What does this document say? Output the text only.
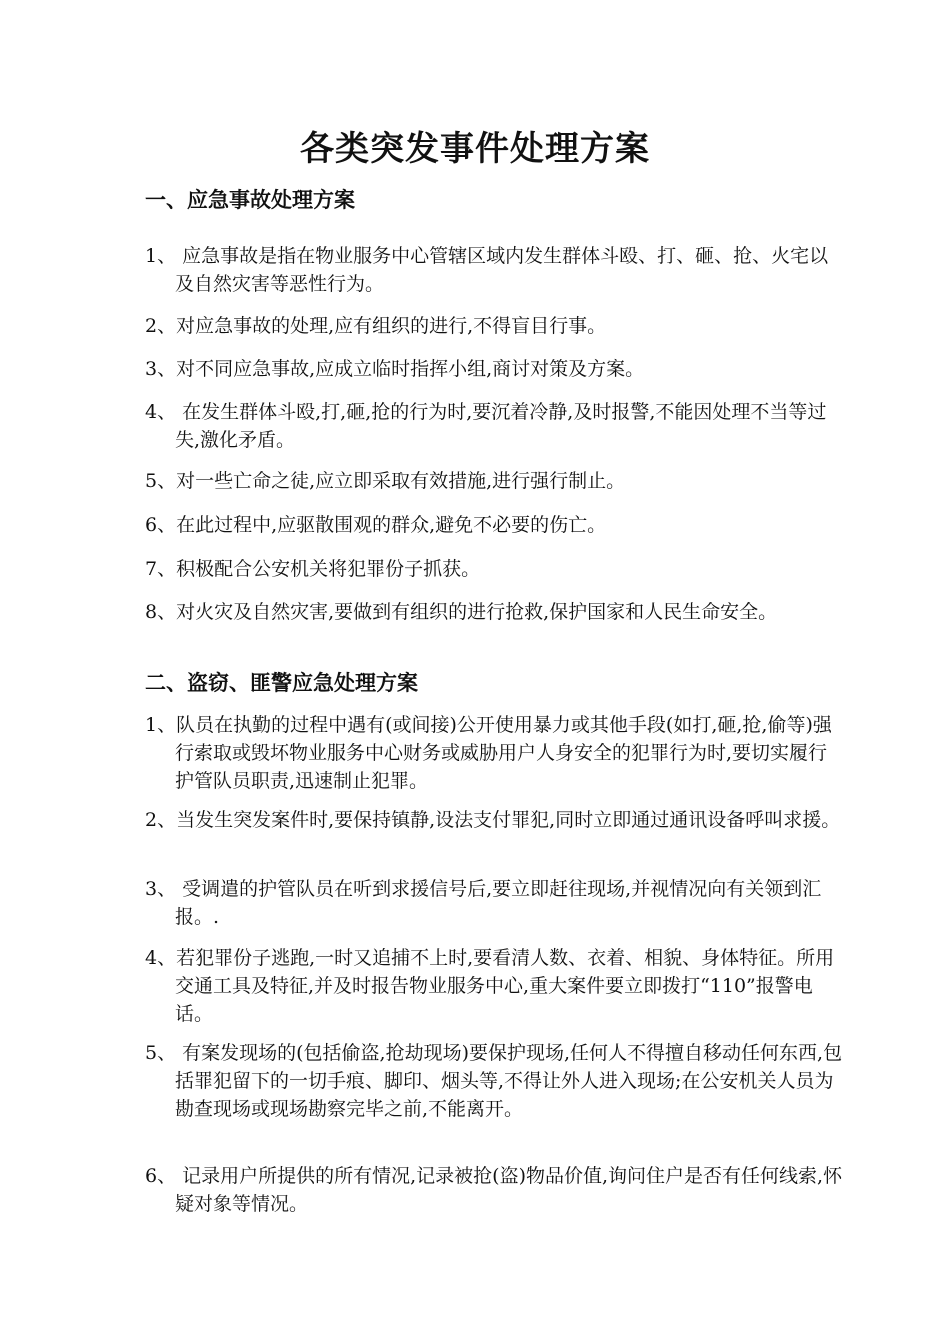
各类突发事件处理方案
一、应急事故处理方案

1、 应急事故是指在物业服务中心管辖区域内发生群体斗殴、打、砸、抢、火宅以及自然灾害等恶性行为。

2、对应急事故的处理,应有组织的进行,不得盲目行事。

3、对不同应急事故,应成立临时指挥小组,商讨对策及方案。

4、 在发生群体斗殴,打,砸,抢的行为时,要沉着冷静,及时报警,不能因处理不当等过失,激化矛盾。

5、对一些亡命之徒,应立即采取有效措施,进行强行制止。

6、在此过程中,应驱散围观的群众,避免不必要的伤亡。

7、积极配合公安机关将犯罪份子抓获。

8、对火灾及自然灾害,要做到有组织的进行抢救,保护国家和人民生命安全。

二、盗窃、匪警应急处理方案

1、队员在执勤的过程中遇有(或间接)公开使用暴力或其他手段(如打,砸,抢,偷等)强行索取或毁坏物业服务中心财务或威胁用户人身安全的犯罪行为时,要切实履行护管队员职责,迅速制止犯罪。

2、当发生突发案件时,要保持镇静,设法支付罪犯,同时立即通过通讯设备呼叫求援。

3、 受调遣的护管队员在听到求援信号后,要立即赶往现场,并视情况向有关领到汇报。.

4、若犯罪份子逃跑,一时又追捕不上时,要看清人数、衣着、相貌、身体特征。所用交通工具及特征,并及时报告物业服务中心,重大案件要立即拨打“110”报警电话。

5、 有案发现场的(包括偷盗,抢劫现场)要保护现场,任何人不得擅自移动任何东西,包括罪犯留下的一切手痕、脚印、烟头等,不得让外人进入现场;在公安机关人员为勘查现场或现场勘察完毕之前,不能离开。

6、 记录用户所提供的所有情况,记录被抢(盗)物品价值,询问住户是否有任何线索,怀疑对象等情况。
